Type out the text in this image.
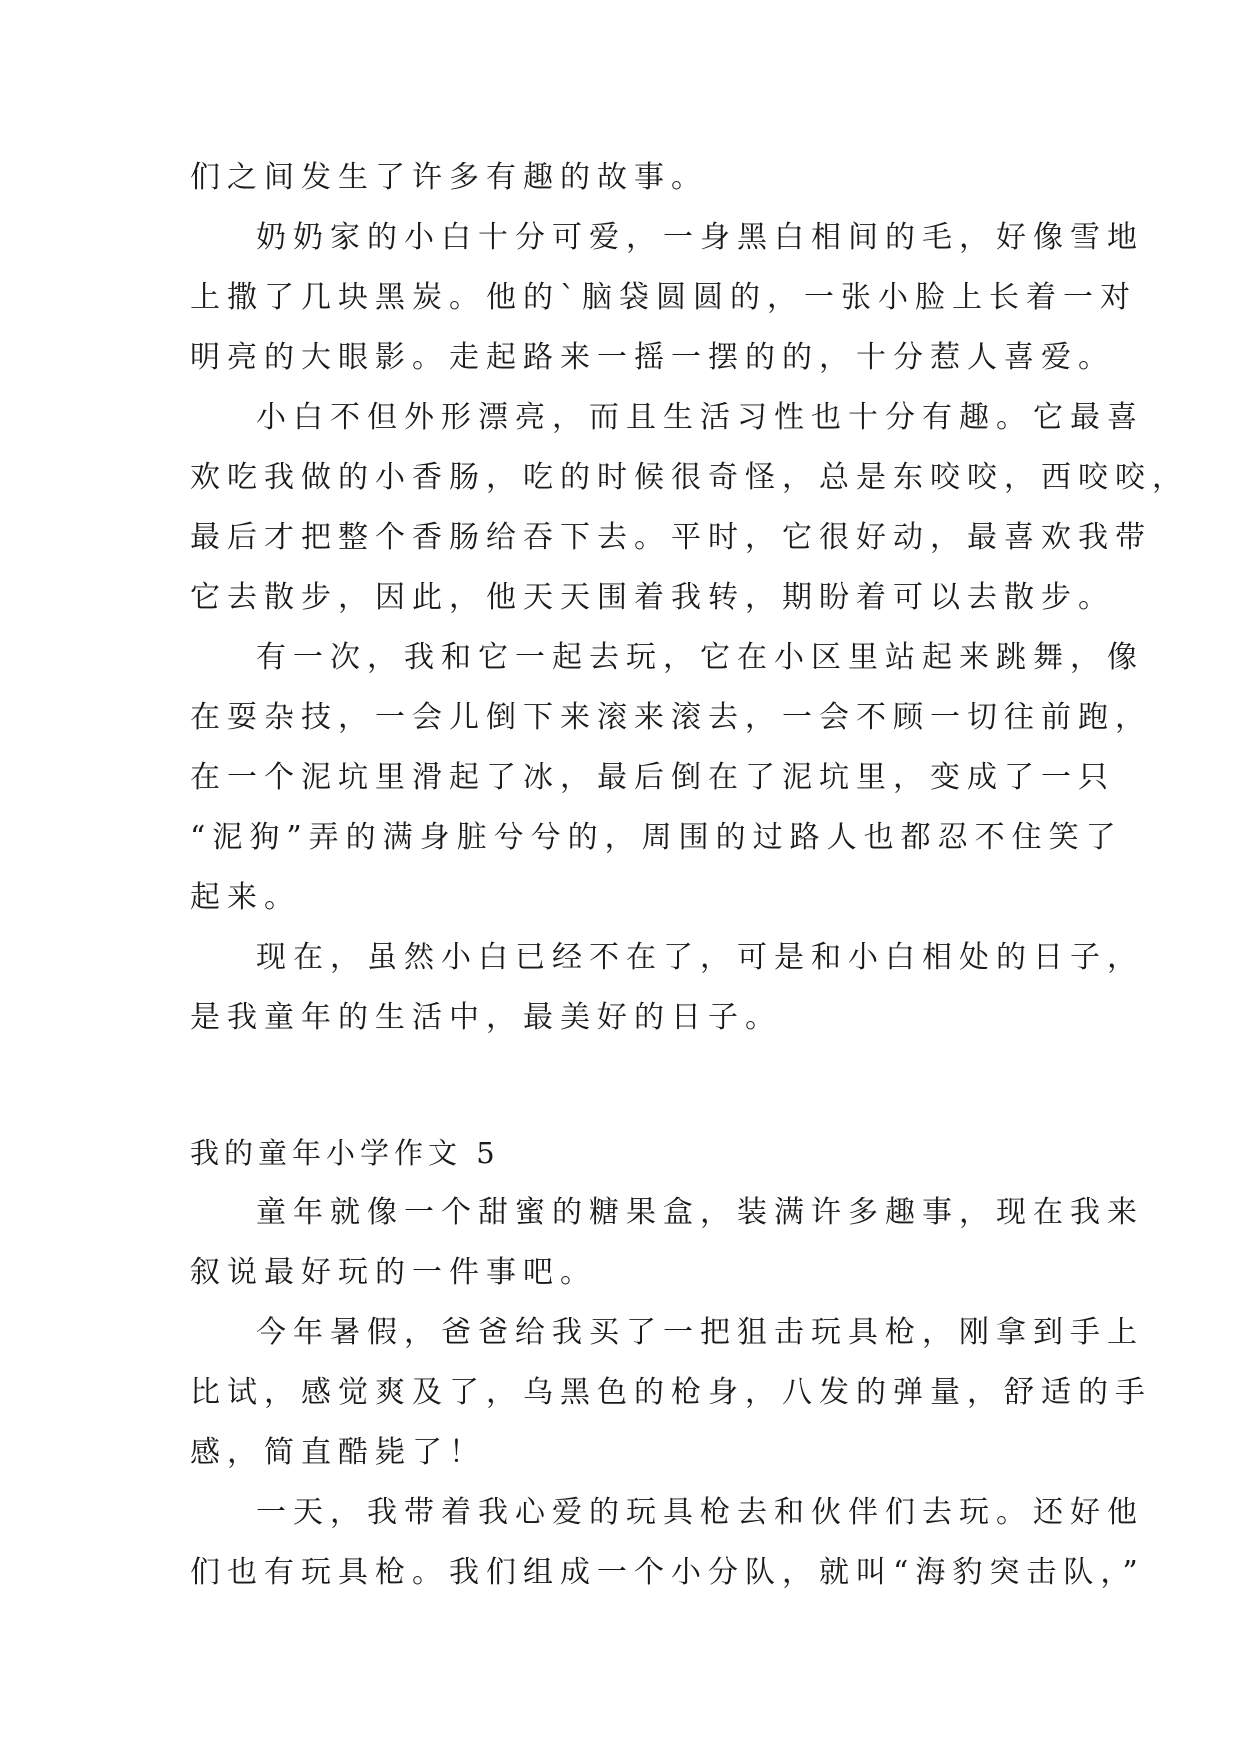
们之间发生了许多有趣的故事。
奶奶家的小白十分可爱，一身黑白相间的毛，好像雪地
上撒了几块黑炭。他的`脑袋圆圆的，一张小脸上长着一对
明亮的大眼影。走起路来一摇一摆的的，十分惹人喜爱。
小白不但外形漂亮，而且生活习性也十分有趣。它最喜
欢吃我做的小香肠，吃的时候很奇怪，总是东咬咬，西咬咬，
最后才把整个香肠给吞下去。平时，它很好动，最喜欢我带
它去散步，因此，他天天围着我转，期盼着可以去散步。
有一次，我和它一起去玩，它在小区里站起来跳舞，像
在耍杂技，一会儿倒下来滚来滚去，一会不顾一切往前跑，
在一个泥坑里滑起了冰，最后倒在了泥坑里，变成了一只
“泥狗”弄的满身脏兮兮的，周围的过路人也都忍不住笑了
起来。
现在，虽然小白已经不在了，可是和小白相处的日子，
是我童年的生活中，最美好的日子。
我的童年小学作文 5
童年就像一个甜蜜的糖果盒，装满许多趣事，现在我来
叙说最好玩的一件事吧。
今年暑假，爸爸给我买了一把狙击玩具枪，刚拿到手上
比试，感觉爽及了，乌黑色的枪身，八发的弹量，舒适的手
感，简直酷毙了！
一天，我带着我心爱的玩具枪去和伙伴们去玩。还好他
们也有玩具枪。我们组成一个小分队，就叫“海豹突击队，”
